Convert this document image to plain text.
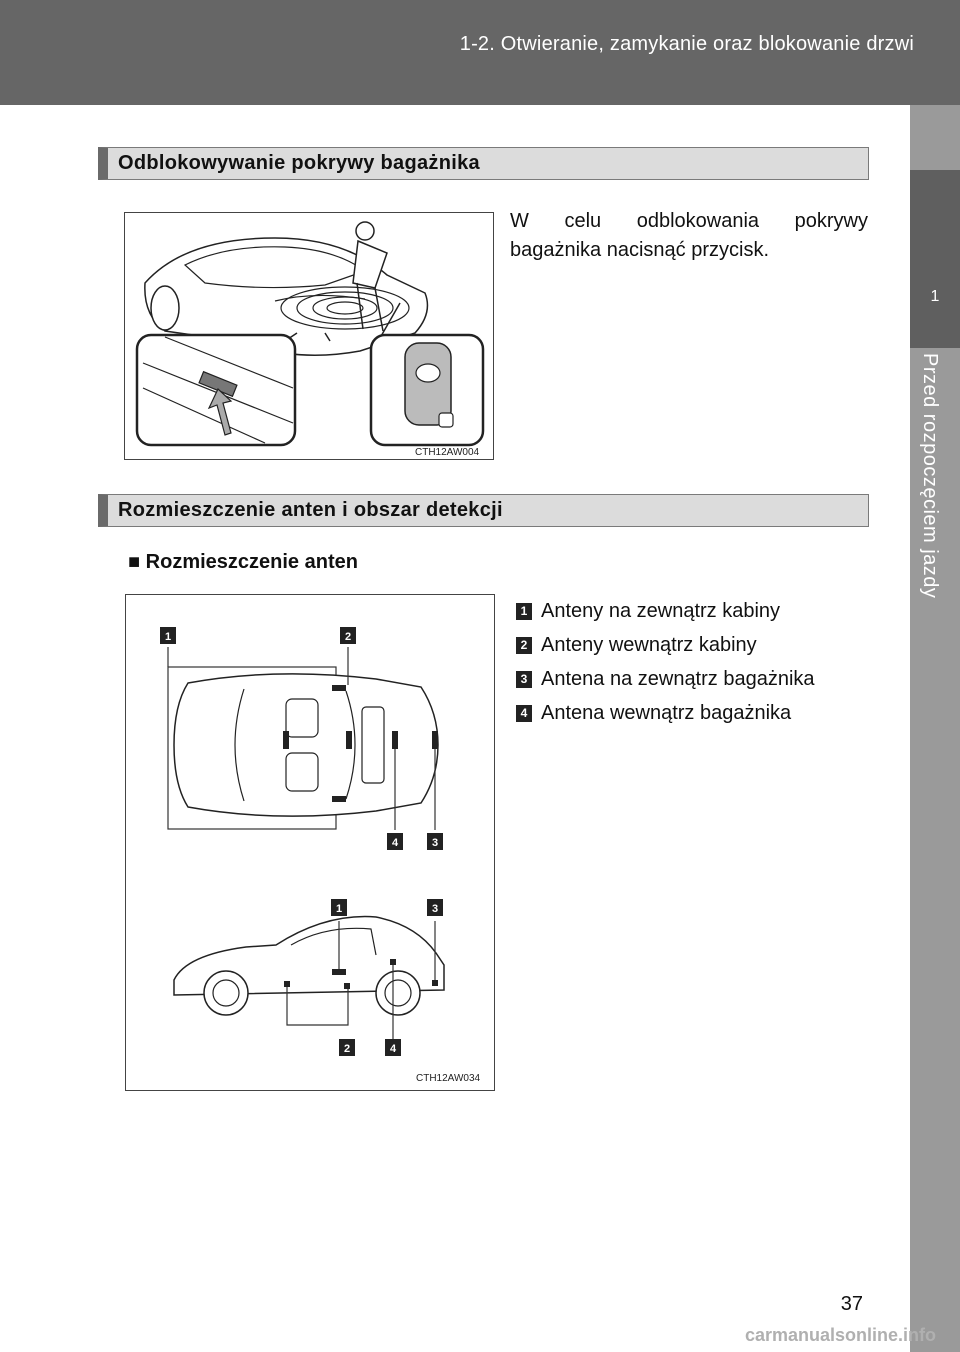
1-2. Otwieranie, zamykanie oraz blokowanie drzwi
1
Przed rozpoczęciem jazdy
Odblokowywanie pokrywy bagażnika
CTH12AW004
W celu odblokowania pokrywy bagażnika nacisnąć przycisk.
Rozmieszczenie anten i obszar detekcji
■ Rozmieszczenie anten
1	2
4	3
1	3
2	4
CTH12AW034
1 Anteny na zewnątrz kabiny
2 Anteny wewnątrz kabiny
3 Antena na zewnątrz bagażnika
4 Antena wewnątrz bagażnika
37
carmanualsonline.info
